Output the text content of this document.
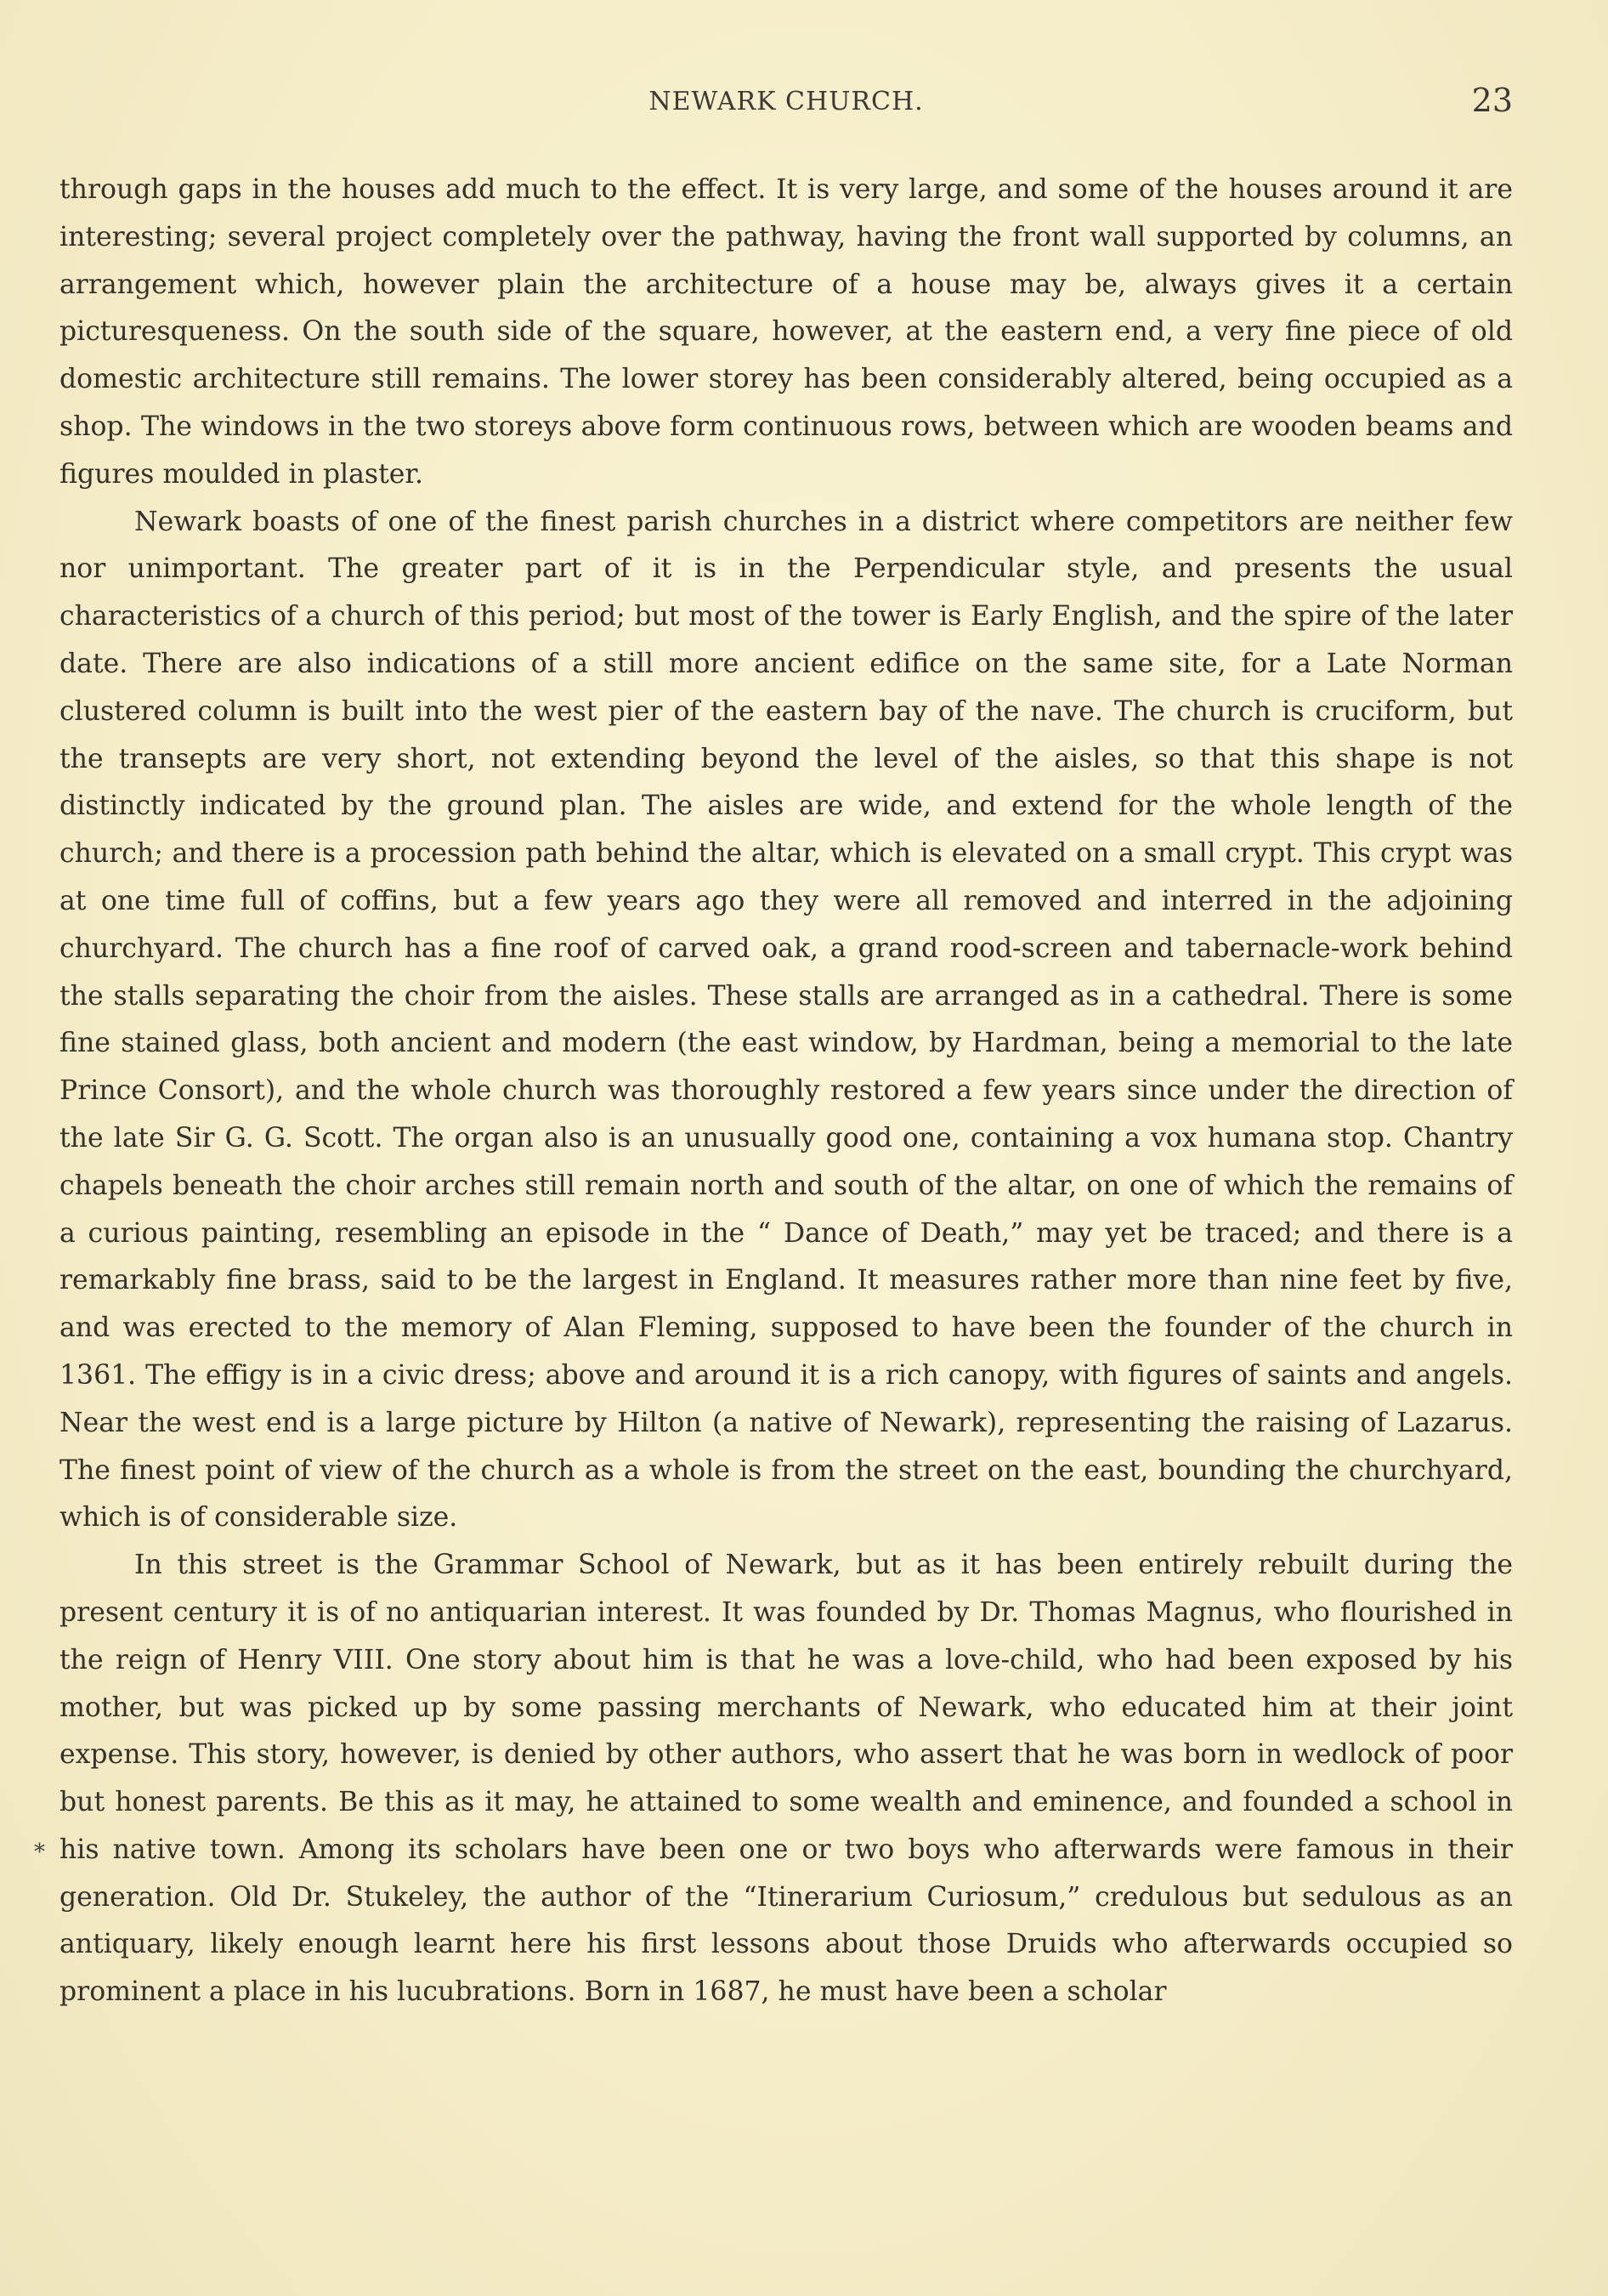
NEWARK CHURCH.	23
*

through gaps in the houses add much to the effect. It is very large, and some of the houses around it are interesting; several project completely over the pathway, having the front wall supported by columns, an arrangement which, however plain the architecture of a house may be, always gives it a certain picturesqueness. On the south side of the square, however, at the eastern end, a very fine piece of old domestic architecture still remains. The lower storey has been considerably altered, being occupied as a shop. The windows in the two storeys above form continuous rows, between which are wooden beams and figures moulded in plaster.

Newark boasts of one of the finest parish churches in a district where competitors are neither few nor unimportant. The greater part of it is in the Perpendicular style, and presents the usual characteristics of a church of this period; but most of the tower is Early English, and the spire of the later date. There are also indications of a still more ancient edifice on the same site, for a Late Norman clustered column is built into the west pier of the eastern bay of the nave. The church is cruciform, but the transepts are very short, not extending beyond the level of the aisles, so that this shape is not distinctly indicated by the ground plan. The aisles are wide, and extend for the whole length of the church; and there is a procession path behind the altar, which is elevated on a small crypt. This crypt was at one time full of coffins, but a few years ago they were all removed and interred in the adjoining churchyard. The church has a fine roof of carved oak, a grand rood-screen and tabernacle-work behind the stalls separating the choir from the aisles. These stalls are arranged as in a cathedral. There is some fine stained glass, both ancient and modern (the east window, by Hardman, being a memorial to the late Prince Consort), and the whole church was thoroughly restored a few years since under the direction of the late Sir G. G. Scott. The organ also is an unusually good one, containing a vox humana stop. Chantry chapels beneath the choir arches still remain north and south of the altar, on one of which the remains of a curious painting, resembling an episode in the “ Dance of Death,” may yet be traced; and there is a remarkably fine brass, said to be the largest in England. It measures rather more than nine feet by five, and was erected to the memory of Alan Fleming, supposed to have been the founder of the church in 1361. The effigy is in a civic dress; above and around it is a rich canopy, with figures of saints and angels. Near the west end is a large picture by Hilton (a native of Newark), representing the raising of Lazarus. The finest point of view of the church as a whole is from the street on the east, bounding the churchyard, which is of considerable size.

In this street is the Grammar School of Newark, but as it has been entirely rebuilt during the present century it is of no antiquarian interest. It was founded by Dr. Thomas Magnus, who flourished in the reign of Henry VIII. One story about him is that he was a love-child, who had been exposed by his mother, but was picked up by some passing merchants of Newark, who educated him at their joint expense. This story, however, is denied by other authors, who assert that he was born in wedlock of poor but honest parents. Be this as it may, he attained to some wealth and eminence, and founded a school in his native town. Among its scholars have been one or two boys who afterwards were famous in their generation. Old Dr. Stukeley, the author of the “Itinerarium Curiosum,” credulous but sedulous as an antiquary, likely enough learnt here his first lessons about those Druids who afterwards occupied so prominent a place in his lucubrations. Born in 1687, he must have been a scholar
